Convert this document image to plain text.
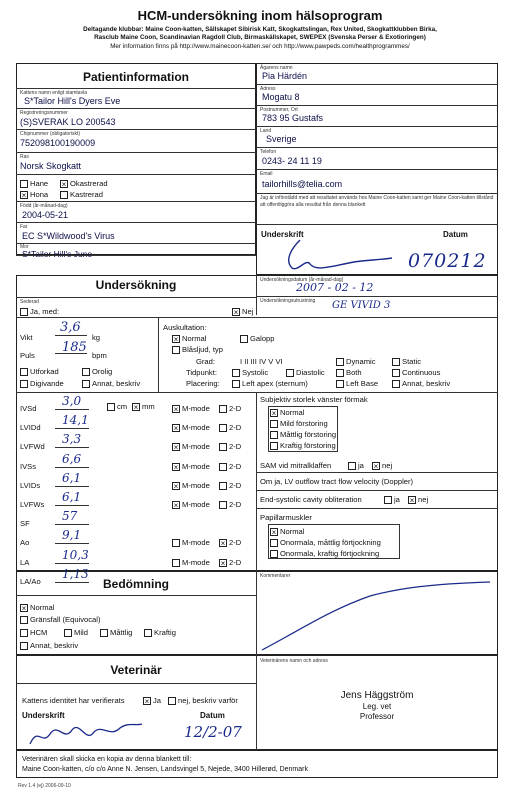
HCM-undersökning inom hälsoprogram
Deltagande klubbar: Maine Coon-katten, Sällskapet Sibirisk Katt, Skogkattslingan, Rex United, Skogkattklubben Birka,
Rasclub Maine Coon, Scandinavian Ragdoll Club, Birmaskällskapet, SWEPEX (Svenska Perser & Exotioringen)
Mer information finns på http://www.mainecoon-katten.se/ och http://www.pawpeds.com/healthprogrammes/
Patientinformation
Kattens namn enligt stamtavla
S*Tailor Hill's Dyers Eve
Registreringsnummer
(S)SVERAK LO 200543
Chipnummer (obligatoriskt)
752098100190009
Ras
Norsk Skogkatt
Hane × Okastrerad
× Hona	Kastrerad
Född (år-månad-dag)
2004-05-21
Far
EC S*Wildwood's Virus
Mor
S*Tailor Hill's Juno
Ägarens namn
Pia Härdén
Adress
Mogatu 8
Postnummer, Ort
783 95 Gustafs
Land
Sverige
Telefon
0243- 24 11 19
Email
tailorhills@telia.com
Jag är införstådd med att resultatet används hos Maine Coon-katten samt ger Maine Coon-katten tillstånd att offentliggöra alla resultat från denna blankett
Underskrift	Datum
070212
Undersökning	Undersökningsdatum (år-månad-dag)
2007 - 02 - 12
Undersökningsutrustning GE VIVID 3
Sederad
Ja, med:	× Nej
Vikt
3,6
kg
Puls
185
bpm
Utforkad	Orolig
Digivande	Annat, beskriv
Auskultation:
× Normal	Galopp
Blåsljud, typ
Grad:	I II III IV V VI
Tidpunkt:
Placering:
Systolic	Diastolic
Left apex (sternum)
Dynamic
Both
Left Base
Static
Continuous
Annat, beskriv
IVSd
3,0
× M-mode	2-D
LVIDd
14,1
× M-mode	2-D
LVFWd
3,3
× M-mode	2-D
IVSs
6,6
× M-mode	2-D
LVIDs
6,1
× M-mode	2-D
LVFWs
6,1
× M-mode	2-D
SF
57
Ao
9,1
M-mode × 2-D
LA
10,3
M-mode × 2-D
LA/Ao
1,13
cm × mm
Subjektiv storlek vänster förmak
× Normal
Mild förstoring
Måttlig förstoring
Kraftig förstoring
SAM vid mitralklaffen	ja × nej
Om ja, LV outflow tract flow velocity (Doppler)
End-systolic cavity obliteration	ja × nej
Papillarmuskler
× Normal
Onormala, måttlig förtjockning
Onormala, kraftig förtjockning
Bedömning
× Normal
Gränsfall (Equivocal)
HCM	Mild	Måttlig	Kraftig
Annat, beskriv
Kommentarer
Veterinär
Kattens identitet har verifierats	× Ja	nej, beskriv varför
Underskrift	Datum
12/2-07
Veterinärens namn och adress
Jens Häggström
Leg. vet
Professor
Veterinären skall skicka en kopia av denna blankett till:
Maine Coon-katten, c/o c/o Anne N. Jensen, Landsvingel 5, Nejede, 3400 Hillerød, Denmark
Rev 1.4 (ej) 2006-09-10
